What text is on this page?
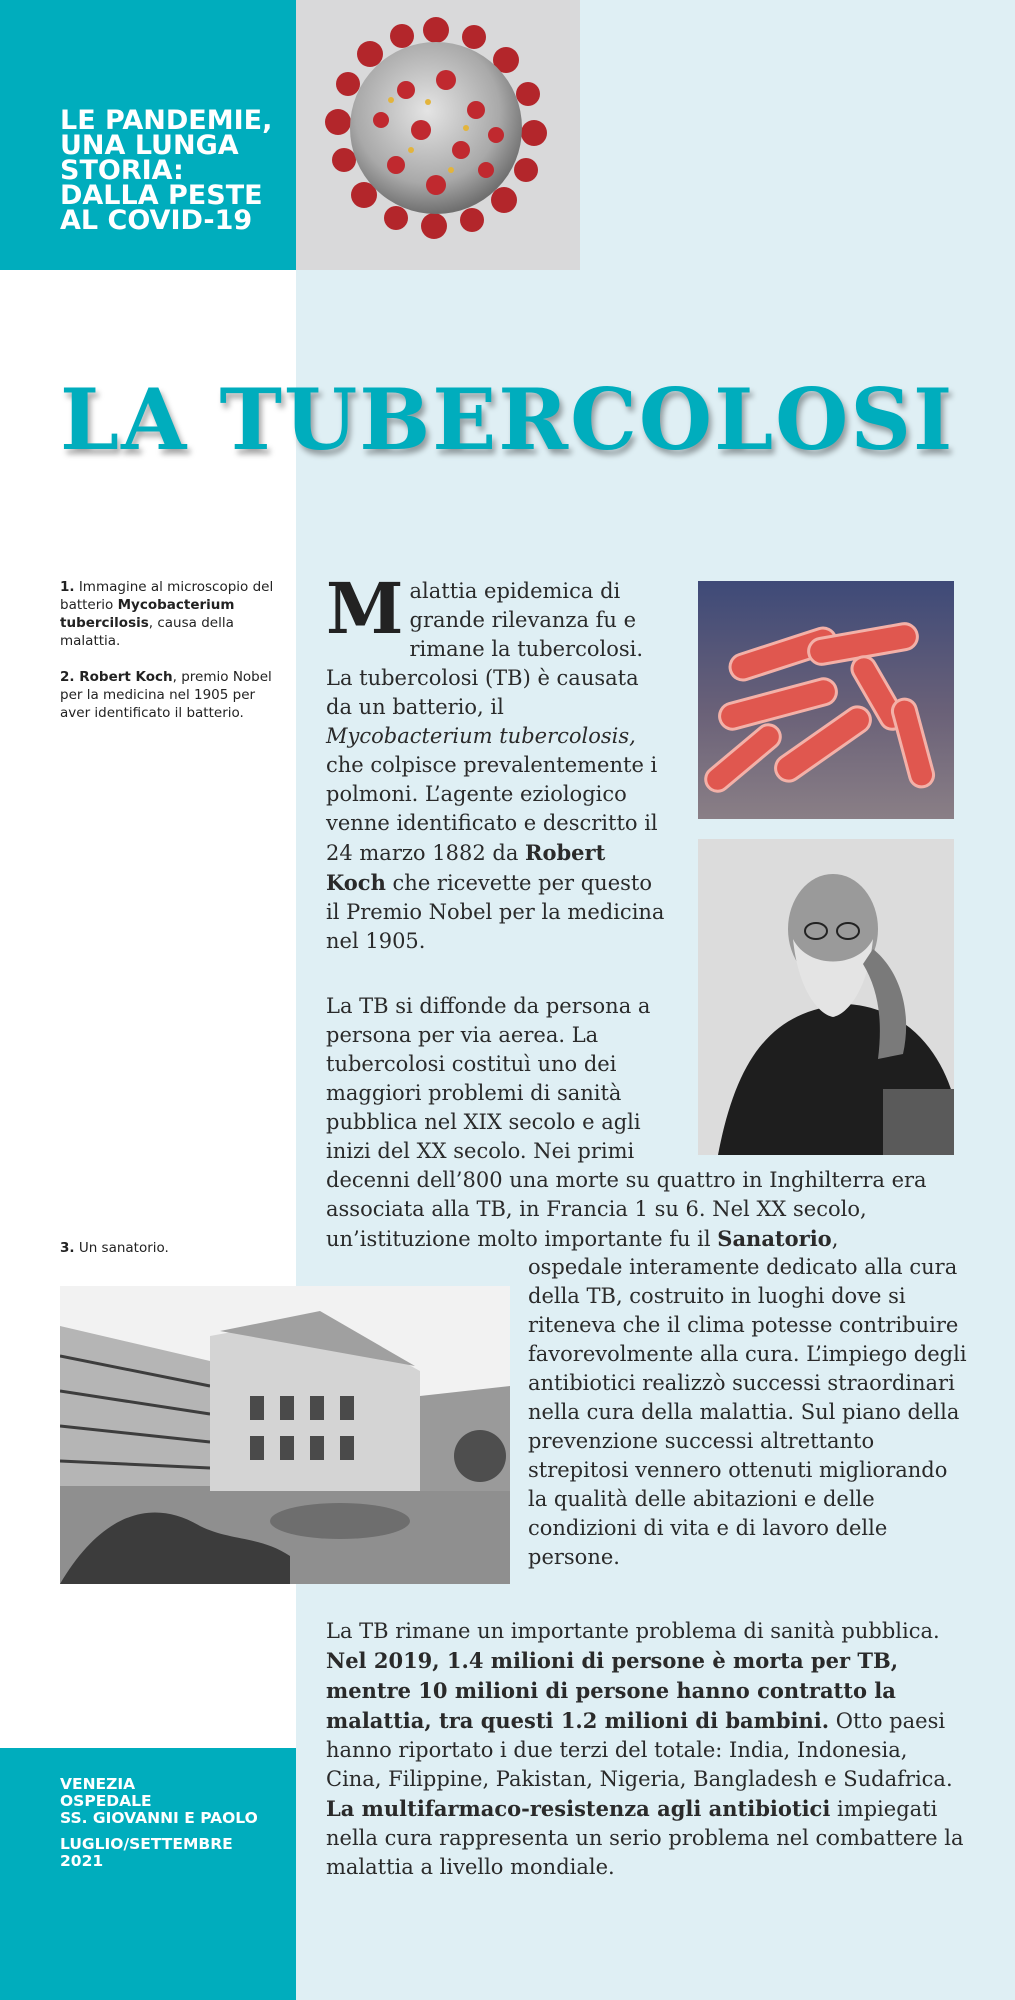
LE PANDEMIE,
UNA LUNGA
STORIA:
DALLA PESTE
AL COVID-19
LA TUBERCOLOSI
1. Immagine al microscopio del batterio Mycobacterium tubercilosis, causa della malattia.
2. Robert Koch, premio Nobel per la medicina nel 1905 per aver identificato il batterio.
3. Un sanatorio.
Malattia epidemica di grande rilevanza fu e rimane la tubercolosi. La tubercolosi (TB) è causata da un batterio, il Mycobacterium tubercolosis, che colpisce prevalentemente i polmoni. L’agente eziologico venne identificato e descritto il 24 marzo 1882 da Robert Koch che ricevette per questo il Premio Nobel per la medicina nel 1905.
La TB si diffonde da persona a persona per via aerea. La tubercolosi costituì uno dei maggiori problemi di sanità pubblica nel XIX secolo e agli inizi del XX secolo. Nei primi
decenni dell’800 una morte su quattro in Inghilterra era associata alla TB, in Francia 1 su 6. Nel XX secolo, un’istituzione molto importante fu il Sanatorio,
ospedale interamente dedicato alla cura della TB, costruito in luoghi dove si riteneva che il clima potesse contribuire favorevolmente alla cura. L’impiego degli antibiotici realizzò successi straordinari nella cura della malattia. Sul piano della prevenzione successi altrettanto strepitosi vennero ottenuti migliorando la qualità delle abitazioni e delle condizioni di vita e di lavoro delle persone.
La TB rimane un importante problema di sanità pubblica. Nel 2019, 1.4 milioni di persone è morta per TB, mentre 10 milioni di persone hanno contratto la malattia, tra questi 1.2 milioni di bambini. Otto paesi hanno riportato i due terzi del totale: India, Indonesia, Cina, Filippine, Pakistan, Nigeria, Bangladesh e Sudafrica.
La multifarmaco-resistenza agli antibiotici impiegati nella cura rappresenta un serio problema nel combattere la malattia a livello mondiale.
VENEZIA
OSPEDALE
SS. GIOVANNI E PAOLO
LUGLIO/SETTEMBRE
2021
